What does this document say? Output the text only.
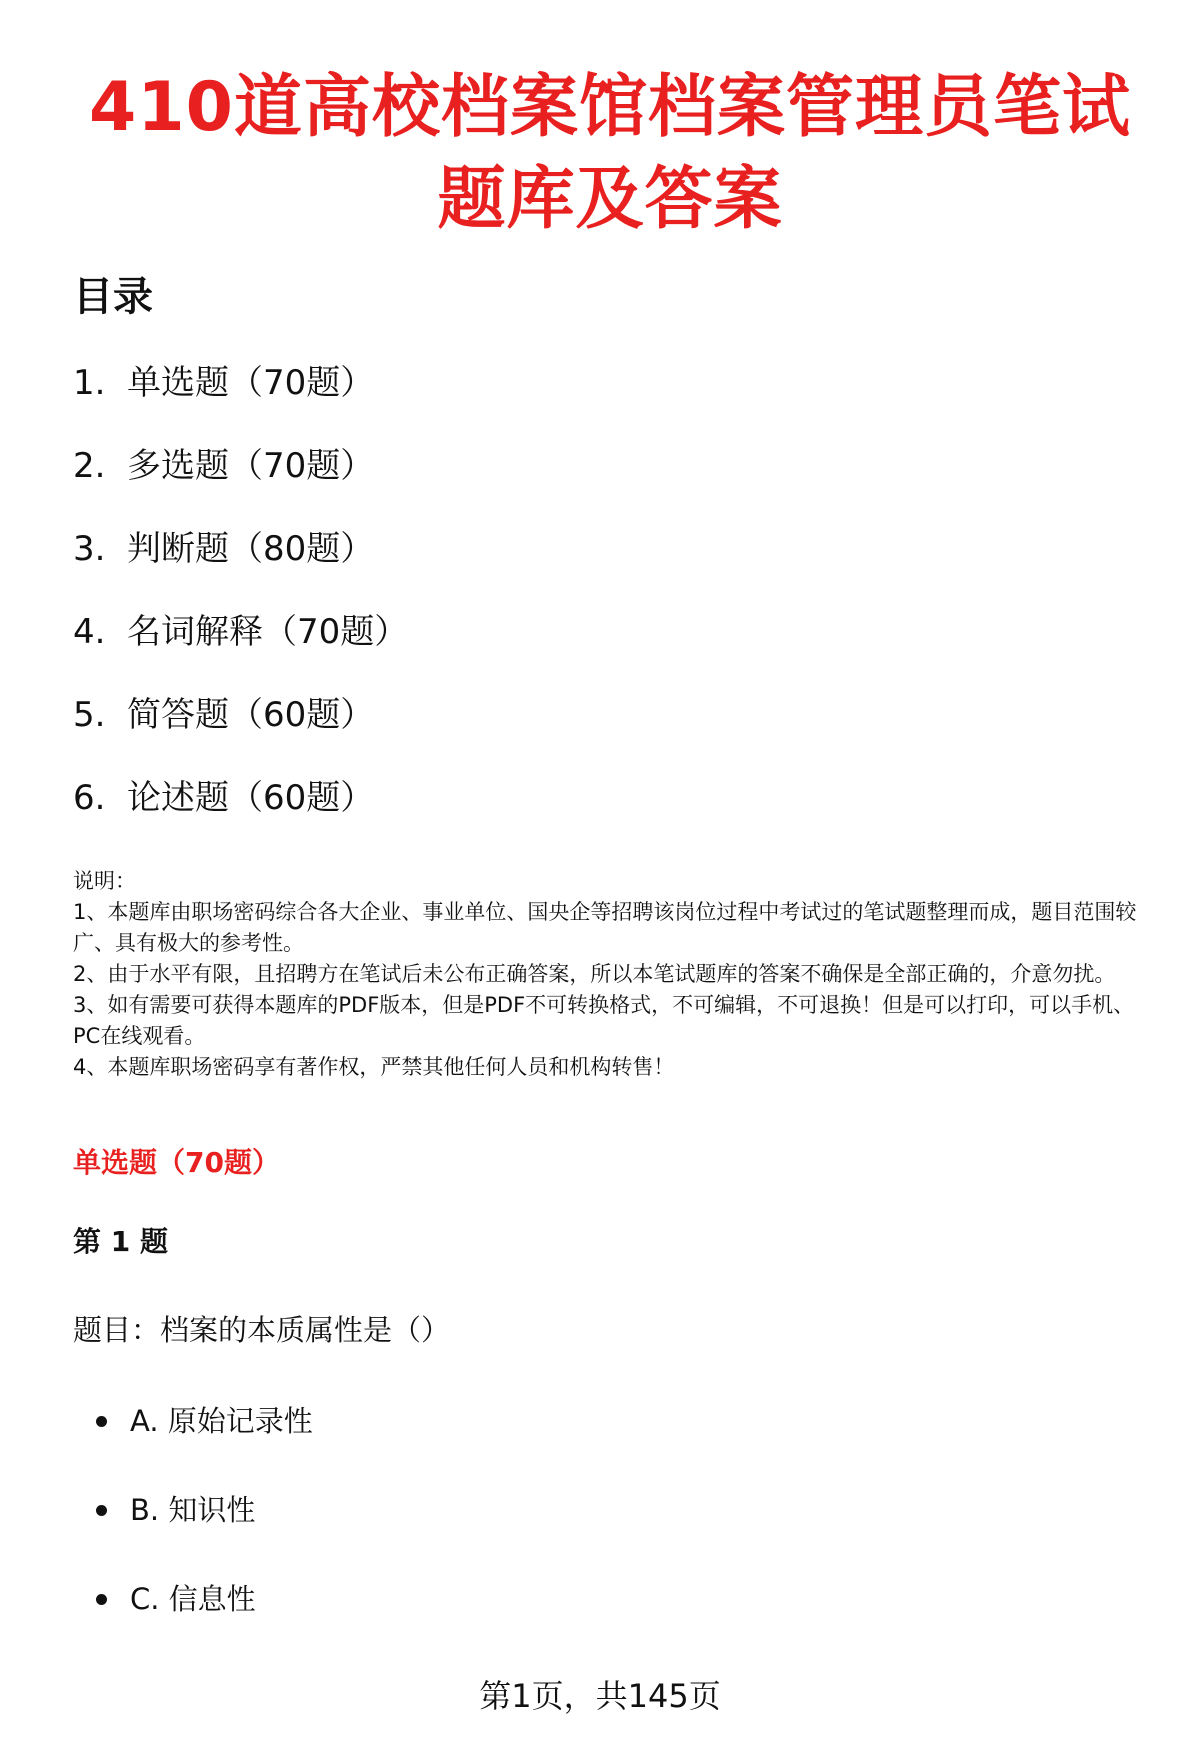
410道高校档案馆档案管理员笔试题库及答案
目录
1. 单选题（70题）
2. 多选题（70题）
3. 判断题（80题）
4. 名词解释（70题）
5. 简答题（60题）
6. 论述题（60题）

说明：

1、本题库由职场密码综合各大企业、事业单位、国央企等招聘该岗位过程中考试过的笔试题整理而成，题目范围较广、具有极大的参考性。

2、由于水平有限，且招聘方在笔试后未公布正确答案，所以本笔试题库的答案不确保是全部正确的，介意勿扰。

3、如有需要可获得本题库的PDF版本，但是PDF不可转换格式，不可编辑，不可退换！但是可以打印，可以手机、PC在线观看。

4、本题库职场密码享有著作权，严禁其他任何人员和机构转售！

单选题（70题）
第 1 题

题目：档案的本质属性是（）

A. 原始记录性
B. 知识性
C. 信息性
第1页，共145页
